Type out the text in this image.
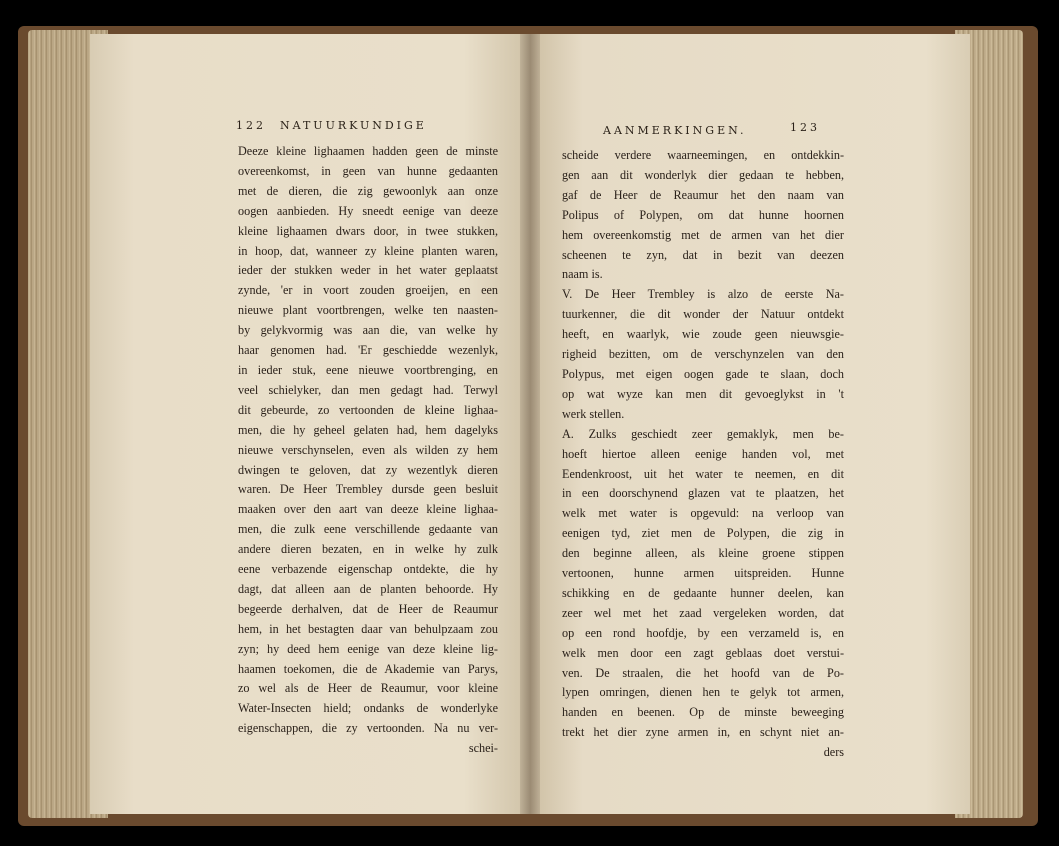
122 NATUURKUNDIGE	AANMERKINGEN.	123
Deeze kleine lighaamen hadden geen de minste
overeenkomst, in geen van hunne gedaanten
met de dieren, die zig gewoonlyk aan onze
oogen aanbieden. Hy sneedt eenige van deeze
kleine lighaamen dwars door, in twee stukken,
in hoop, dat, wanneer zy kleine planten waren,
ieder der stukken weder in het water geplaatst
zynde, 'er in voort zouden groeijen, en een
nieuwe plant voortbrengen, welke ten naasten-
by gelykvormig was aan die, van welke hy
haar genomen had. 'Er geschiedde wezenlyk,
in ieder stuk, eene nieuwe voortbrenging, en
veel schielyker, dan men gedagt had. Terwyl
dit gebeurde, zo vertoonden de kleine lighaa-
men, die hy geheel gelaten had, hem dagelyks
nieuwe verschynselen, even als wilden zy hem
dwingen te geloven, dat zy wezentlyk dieren
waren. De Heer Trembley dursde geen besluit
maaken over den aart van deeze kleine lighaa-
men, die zulk eene verschillende gedaante van
andere dieren bezaten, en in welke hy zulk
eene verbazende eigenschap ontdekte, die hy
dagt, dat alleen aan de planten behoorde. Hy
begeerde derhalven, dat de Heer de Reaumur
hem, in het bestagten daar van behulpzaam zou
zyn; hy deed hem eenige van deze kleine lig-
haamen toekomen, die de Akademie van Parys,
zo wel als de Heer de Reaumur, voor kleine
Water-Insecten hield; ondanks de wonderlyke
eigenschappen, die zy vertoonden. Na nu ver-
schei-
scheide verdere waarneemingen, en ontdekkin-
gen aan dit wonderlyk dier gedaan te hebben,
gaf de Heer de Reaumur het den naam van
Polipus of Polypen, om dat hunne hoornen
hem overeenkomstig met de armen van het dier
scheenen te zyn, dat in bezit van deezen
naam is.
V. De Heer Trembley is alzo de eerste Na-
tuurkenner, die dit wonder der Natuur ontdekt
heeft, en waarlyk, wie zoude geen nieuwsgie-
righeid bezitten, om de verschynzelen van den
Polypus, met eigen oogen gade te slaan, doch
op wat wyze kan men dit gevoeglykst in 't
werk stellen.
A. Zulks geschiedt zeer gemaklyk, men be-
hoeft hiertoe alleen eenige handen vol, met
Eendenkroost, uit het water te neemen, en dit
in een doorschynend glazen vat te plaatzen, het
welk met water is opgevuld: na verloop van
eenigen tyd, ziet men de Polypen, die zig in
den beginne alleen, als kleine groene stippen
vertoonen, hunne armen uitspreiden. Hunne
schikking en de gedaante hunner deelen, kan
zeer wel met het zaad vergeleken worden, dat
op een rond hoofdje, by een verzameld is, en
welk men door een zagt geblaas doet verstui-
ven. De straalen, die het hoofd van de Po-
lypen omringen, dienen hen te gelyk tot armen,
handen en beenen. Op de minste beweeging
trekt het dier zyne armen in, en schynt niet an-
ders
